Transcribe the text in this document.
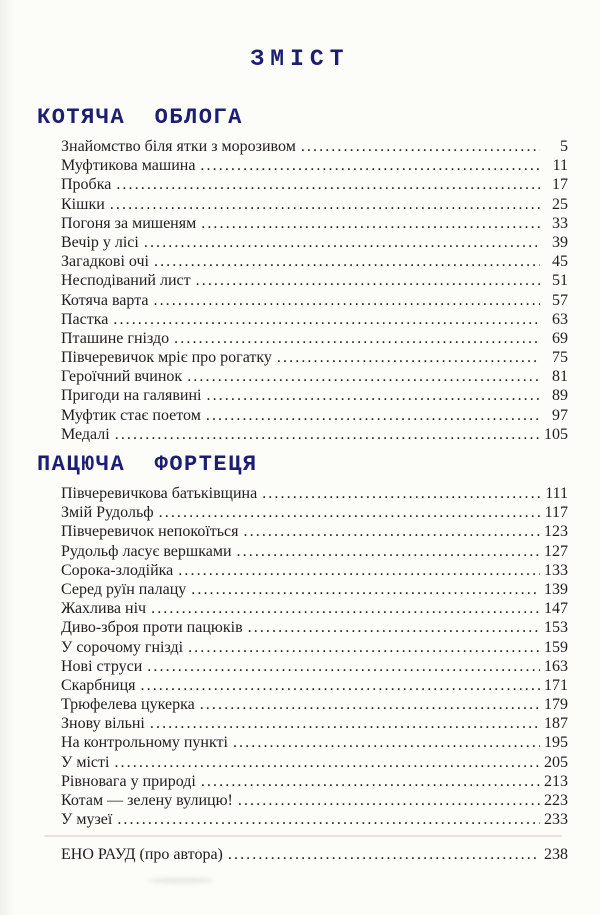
ЗМІСТ
КОТЯЧА  ОБЛОГА
Знайомство біля ятки з морозивом .....	5
Муфтикова машина .....	11
Пробка .....	17
Кішки .....	25
Погоня за мишеням .....	33
Вечір у лісі .....	39
Загадкові очі .....	45
Несподіваний лист .....	51
Котяча варта .....	57
Пастка .....	63
Пташине гніздо .....	69
Півчеревичок мріє про рогатку .....	75
Героїчний вчинок .....	81
Пригоди на галявині .....	89
Муфтик стає поетом .....	97
Медалі .....	105
ПАЦЮЧА  ФОРТЕЦЯ
Півчеревичкова батьківщина .....	111
Змій Рудольф .....	117
Півчеревичок непокоїться .....	123
Рудольф ласує вершками .....	127
Сорока-злодійка .....	133
Серед руїн палацу .....	139
Жахлива ніч .....	147
Диво-зброя проти пацюків .....	153
У сорочому гнізді .....	159
Нові струси .....	163
Скарбниця .....	171
Трюфелева цукерка .....	179
Знову вільні .....	187
На контрольному пункті .....	195
У місті .....	205
Рівновага у природі .....	213
Котам — зелену вулицю! .....	223
У музеї .....	233
ЕНО РАУД (про автора) .....	238
